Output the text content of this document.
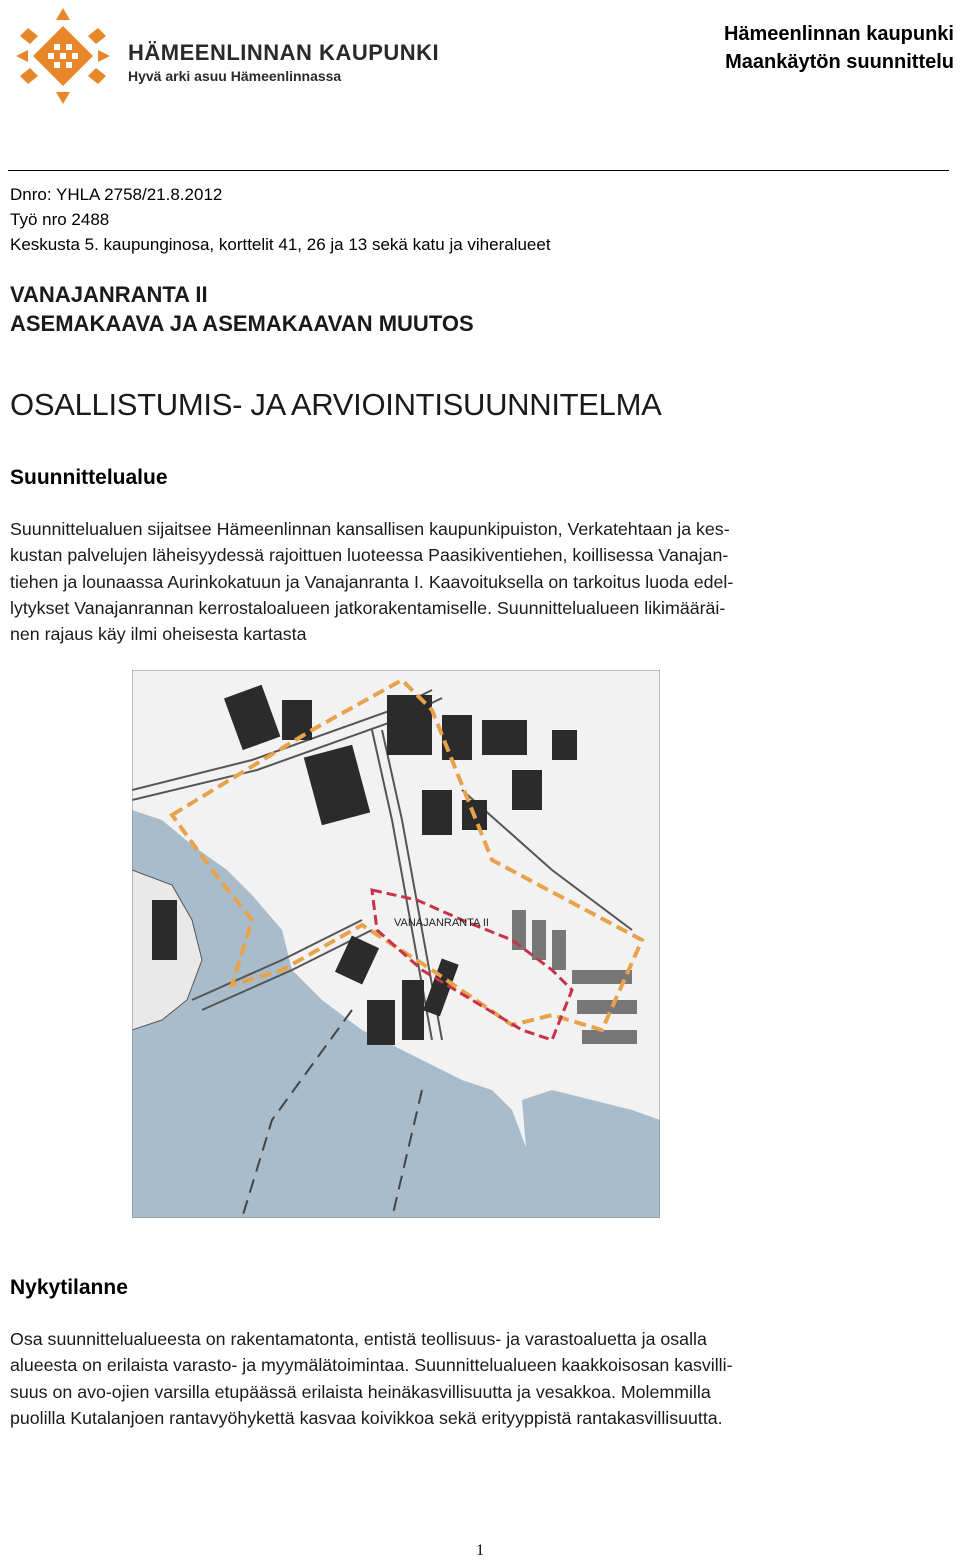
HÄMEENLINNAN KAUPUNKI
Hyvä arki asuu Hämeenlinnassa
Hämeenlinnan kaupunki
Maankäytön suunnittelu
Dnro: YHLA 2758/21.8.2012
Työ nro 2488
Keskusta 5. kaupunginosa, korttelit 41, 26 ja 13 sekä katu ja viheralueet
VANAJANRANTA II
ASEMAKAAVA JA ASEMAKAAVAN MUUTOS
OSALLISTUMIS- JA ARVIOINTISUUNNITELMA
Suunnittelualue
Suunnittelualuen sijaitsee Hämeenlinnan kansallisen kaupunkipuiston, Verkatehtaan ja kes-
kustan palvelujen läheisyydessä rajoittuen luoteessa Paasikiventiehen, koillisessa Vanajan-
tiehen ja lounaassa Aurinkokatuun ja Vanajanranta I. Kaavoituksella on tarkoitus luoda edel-
lytykset Vanajanrannan kerrostaloalueen jatkorakentamiselle. Suunnittelualueen likimääräi-
nen rajaus käy ilmi oheisesta kartasta
VANAJANRANTA II
Nykytilanne
Osa suunnittelualueesta on rakentamatonta, entistä teollisuus- ja varastoaluetta ja osalla
alueesta on erilaista varasto- ja myymälätoimintaa. Suunnittelualueen kaakkoisosan kasvilli-
suus on avo-ojien varsilla etupäässä erilaista heinäkasvillisuutta ja vesakkoa. Molemmilla
puolilla Kutalanjoen rantavyöhykettä kasvaa koivikkoa sekä erityyppistä rantakasvillisuutta.
1
